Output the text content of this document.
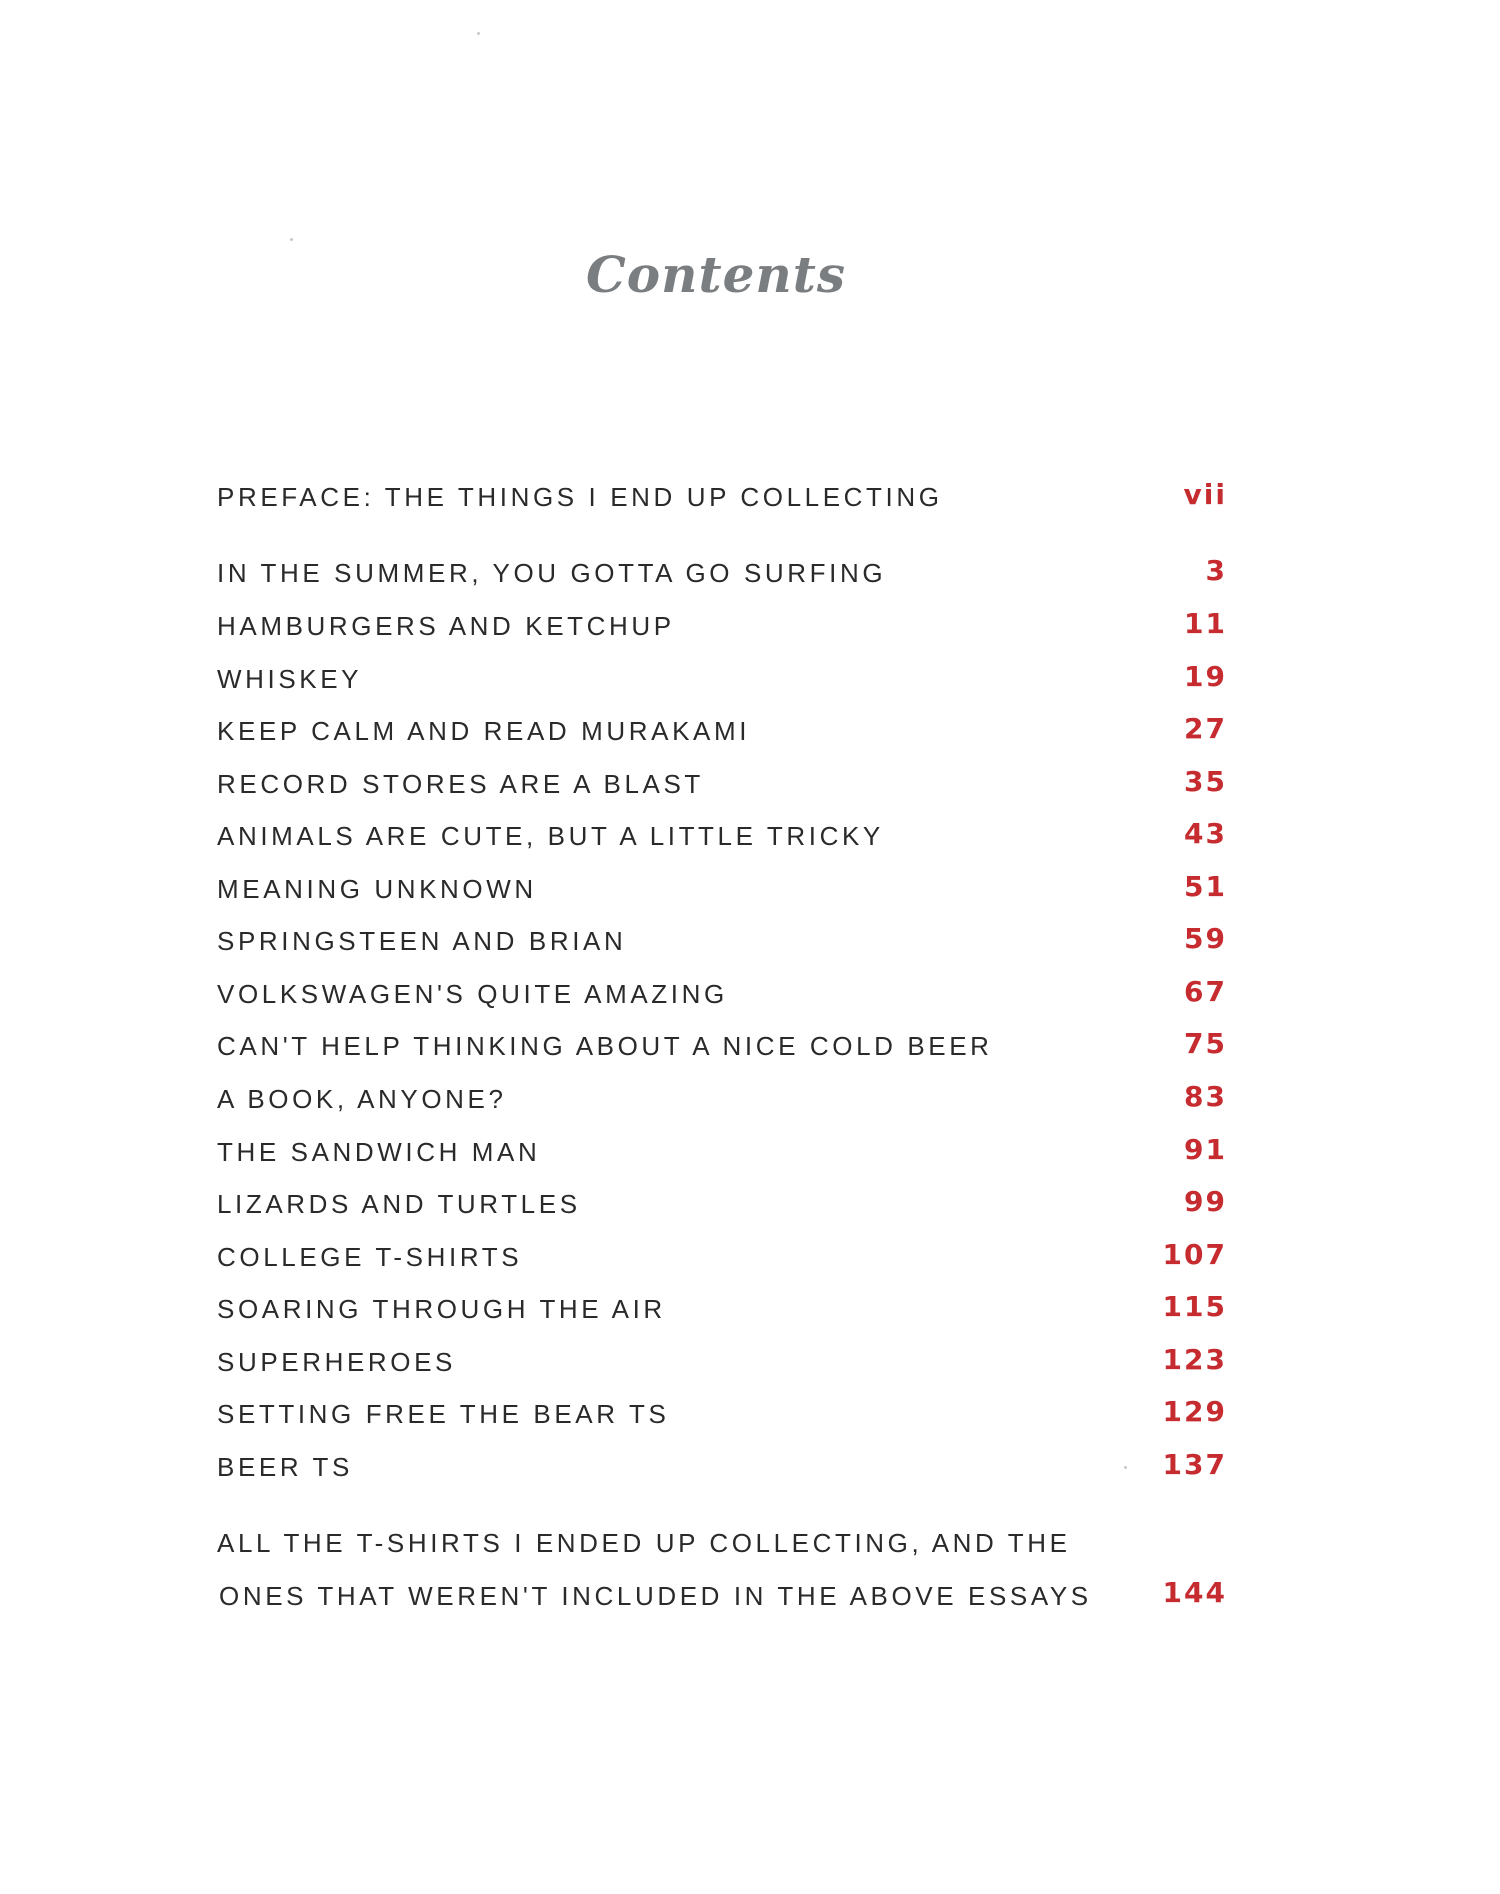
Contents
PREFACE: THE THINGS I END UP COLLECTING	vii
IN THE SUMMER, YOU GOTTA GO SURFING	3
HAMBURGERS AND KETCHUP	11
WHISKEY	19
KEEP CALM AND READ MURAKAMI	27
RECORD STORES ARE A BLAST	35
ANIMALS ARE CUTE, BUT A LITTLE TRICKY	43
MEANING UNKNOWN	51
SPRINGSTEEN AND BRIAN	59
VOLKSWAGEN'S QUITE AMAZING	67
CAN'T HELP THINKING ABOUT A NICE COLD BEER	75
A BOOK, ANYONE?	83
THE SANDWICH MAN	91
LIZARDS AND TURTLES	99
COLLEGE T-SHIRTS	107
SOARING THROUGH THE AIR	115
SUPERHEROES	123
SETTING FREE THE BEAR TS	129
BEER TS	137
ALL THE T-SHIRTS I ENDED UP COLLECTING, AND THE
ONES THAT WEREN'T INCLUDED IN THE ABOVE ESSAYS	144
